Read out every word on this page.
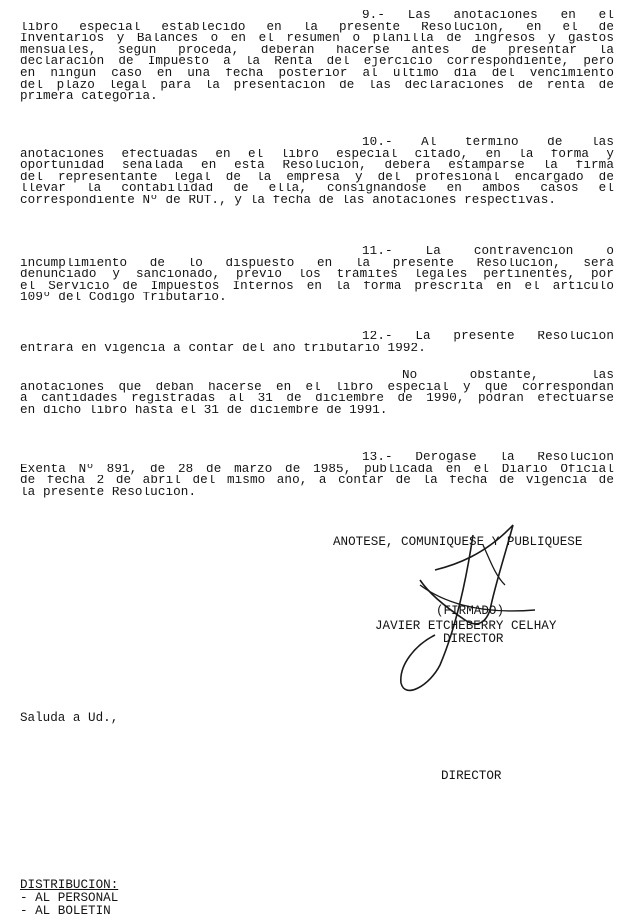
9.- Las anotaciones en el
libro especial establecido en la presente Resolución, en el de
Inventarios y Balances o en el resumen o planilla de ingresos y gastos
mensuales, según proceda, deberán hacerse antes de presentar la
declaración de Impuesto a la Renta del ejercicio correspondiente, pero
en ningún caso en una fecha posterior al último día del vencimiento
del plazo legal para la presentación de las declaraciones de renta de
primera categoría.
10.- Al término de las
anotaciones efectuadas en el libro especial citado, en la forma y
oportunidad señalada en esta Resolución, deberá estamparse la firma
del representante legal de la empresa y del profesional encargado de
llevar la contabilidad de ella, consignándose en ambos casos el
correspondiente Nº de RUT., y la fecha de las anotaciones respectivas.
11.- La contravención o
incumplimiento de lo dispuesto en la presente Resolución, será
denunciado y sancionado, previo los trámites legales pertinentes, por
el Servicio de Impuestos Internos en la forma prescrita en el artículo
109º del Código Tributario.
12.- La presente Resolución
entrará en vigencia a contar del año tributario 1992.
No obstante, las
anotaciones que deban hacerse en el libro especial y que correspondan
a cantidades registradas al 31 de diciembre de 1990, podrán efectuarse
en dicho libro hasta el 31 de diciembre de 1991.
13.- Derógase la Resolución
Exenta Nº 891, de 28 de marzo de 1985, publicada en el Diario Oficial
de fecha 2 de abril del mismo año, a contar de la fecha de vigencia de
la presente Resolución.
ANOTESE, COMUNIQUESE Y PUBLIQUESE
(FIRMADO)
JAVIER ETCHEBERRY CELHAY
DIRECTOR
Saluda a Ud.,
DIRECTOR
DISTRIBUCION:
- AL PERSONAL
- AL BOLETIN
